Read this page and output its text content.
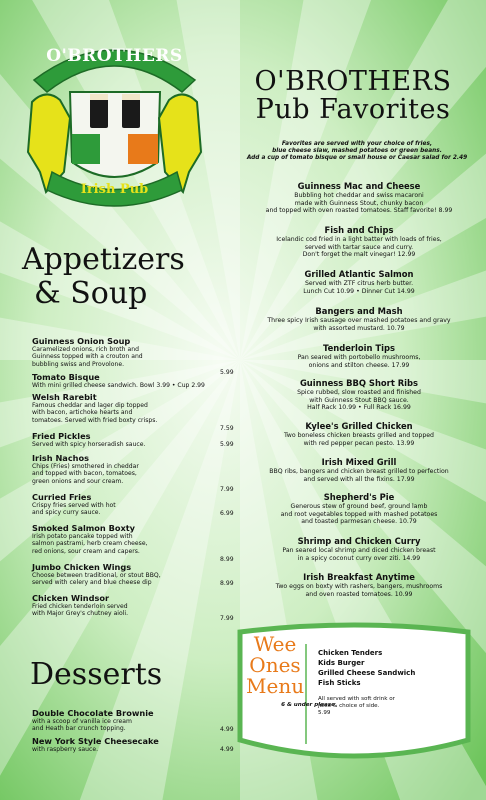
O'BROTHERS
Irish Pub
O'BROTHERS
Pub Favorites
Favorites are served with your choice of fries,
blue cheese slaw, mashed potatoes or green beans.
Add a cup of tomato bisque or small house or Caesar salad for 2.49
Guinness Mac and Cheese
Bubbling hot cheddar and swiss macaroni
made with Guinness Stout, chunky bacon
and topped with oven roasted tomatoes. Staff favorite! 8.99
Fish and Chips
Icelandic cod fried in a light batter with loads of fries,
served with tartar sauce and curry.
Don't forget the malt vinegar! 12.99
Grilled Atlantic Salmon
Served with ZTF citrus herb butter.
Lunch Cut 10.99 • Dinner Cut 14.99
Bangers and Mash
Three spicy Irish sausage over mashed potatoes and gravy
with assorted mustard. 10.79
Tenderloin Tips
Pan seared with portobello mushrooms,
onions and stilton cheese. 17.99
Guinness BBQ Short Ribs
Spice rubbed, slow roasted and finished
with Guinness Stout BBQ sauce.
Half Rack 10.99 • Full Rack 16.99
Kylee's Grilled Chicken
Two boneless chicken breasts grilled and topped
with red pepper pecan pesto. 13.99
Irish Mixed Grill
BBQ ribs, bangers and chicken breast grilled to perfection
and served with all the fixins. 17.99
Shepherd's Pie
Generous stew of ground beef, ground lamb
and root vegetables topped with mashed potatoes
and toasted parmesan cheese. 10.79
Shrimp and Chicken Curry
Pan seared local shrimp and diced chicken breast
in a spicy coconut curry over ziti. 14.99
Irish Breakfast Anytime
Two eggs on boxty with rashers, bangers, mushrooms
and oven roasted tomatoes. 10.99
Appetizers
& Soup
Guinness Onion Soup
Caramelized onions, rich broth and
Guinness topped with a crouton and
bubbling swiss and Provolone.
5.99
Tomato Bisque
With mini grilled cheese sandwich. Bowl 3.99 • Cup 2.99
Welsh Rarebit
Famous cheddar and lager dip topped
with bacon, artichoke hearts and
tomatoes. Served with fried boxty crisps.
7.59
Fried Pickles
Served with spicy horseradish sauce.	5.99
Irish Nachos
Chips (Fries) smothered in cheddar
and topped with bacon, tomatoes,
green onions and sour cream.
7.99
Curried Fries
Crispy fries served with hot
and spicy curry sauce.	6.99
Smoked Salmon Boxty
Irish potato pancake topped with
salmon pastrami, herb cream cheese,
red onions, sour cream and capers.
8.99
Jumbo Chicken Wings
Choose between traditional, or stout BBQ,
served with celery and blue cheese dip	8.99
Chicken Windsor
Fried chicken tenderloin served
with Major Grey's chutney aioli.
7.99
Desserts
Double Chocolate Brownie
with a scoop of vanilla ice cream
and Heath bar crunch topping.	4.99
New York Style Cheesecake
with raspberry sauce.	4.99
Wee
Ones
Menu
6 & under please
Chicken Tenders
Kids Burger
Grilled Cheese Sandwich
Fish Sticks
All served with soft drink or
juice & choice of side.
5.99
